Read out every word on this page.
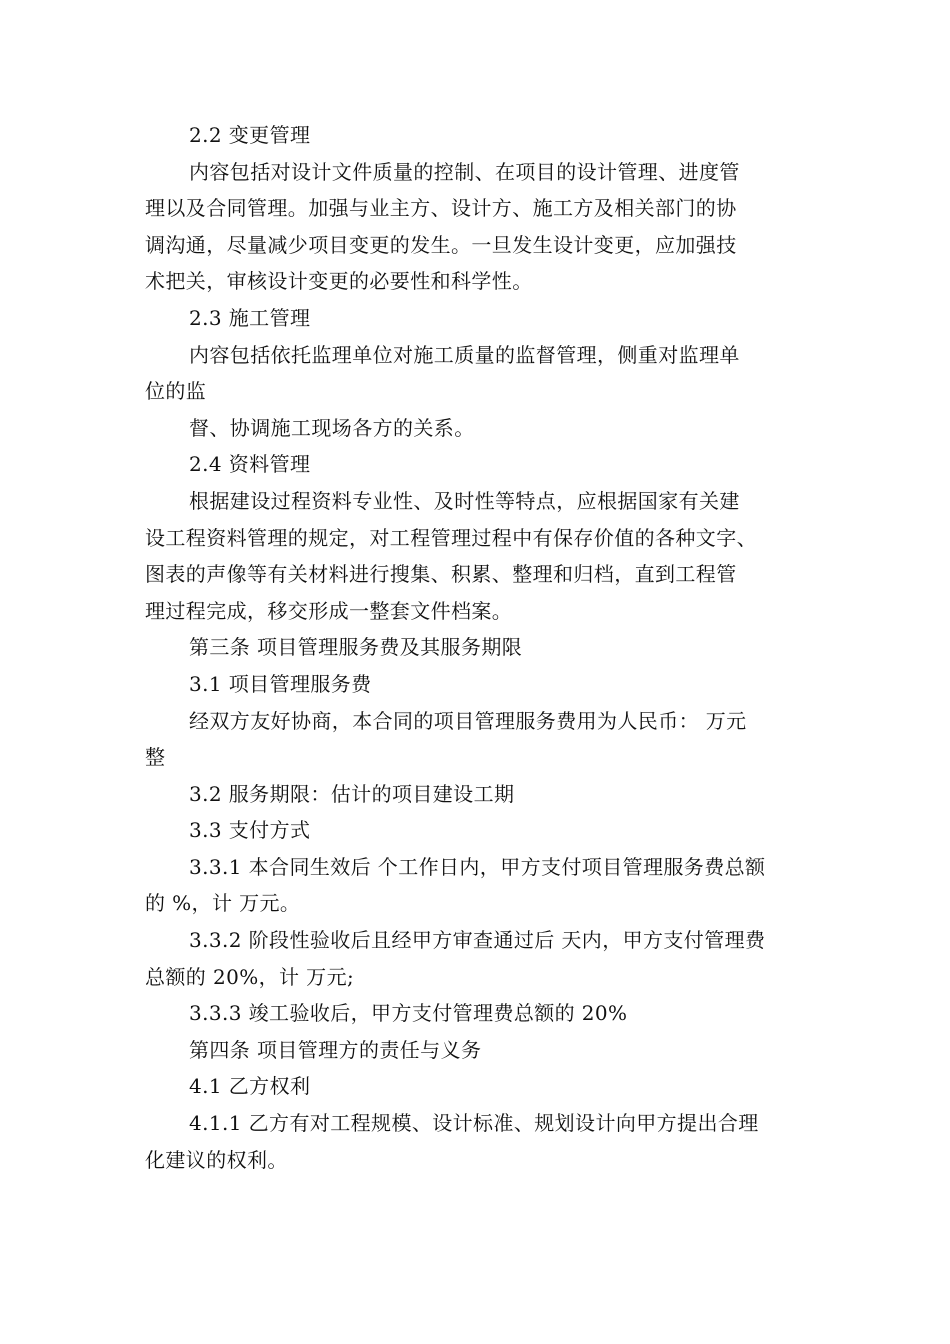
2.2 变更管理

内容包括对设计文件质量的控制、在项目的设计管理、进度管
理以及合同管理。加强与业主方、设计方、施工方及相关部门的协
调沟通，尽量减少项目变更的发生。一旦发生设计变更，应加强技
术把关，审核设计变更的必要性和科学性。

2.3 施工管理

内容包括依托监理单位对施工质量的监督管理，侧重对监理单
位的监

督、协调施工现场各方的关系。

2.4 资料管理

根据建设过程资料专业性、及时性等特点，应根据国家有关建
设工程资料管理的规定，对工程管理过程中有保存价值的各种文字、
图表的声像等有关材料进行搜集、积累、整理和归档，直到工程管
理过程完成，移交形成一整套文件档案。

第三条 项目管理服务费及其服务期限

3.1 项目管理服务费

经双方友好协商，本合同的项目管理服务费用为人民币： 万元
整

3.2 服务期限：估计的项目建设工期

3.3 支付方式

3.3.1 本合同生效后 个工作日内，甲方支付项目管理服务费总额
的 %，计 万元。

3.3.2 阶段性验收后且经甲方审查通过后 天内，甲方支付管理费
总额的 20%，计 万元;

3.3.3 竣工验收后，甲方支付管理费总额的 20%

第四条 项目管理方的责任与义务

4.1 乙方权利

4.1.1 乙方有对工程规模、设计标准、规划设计向甲方提出合理
化建议的权利。
